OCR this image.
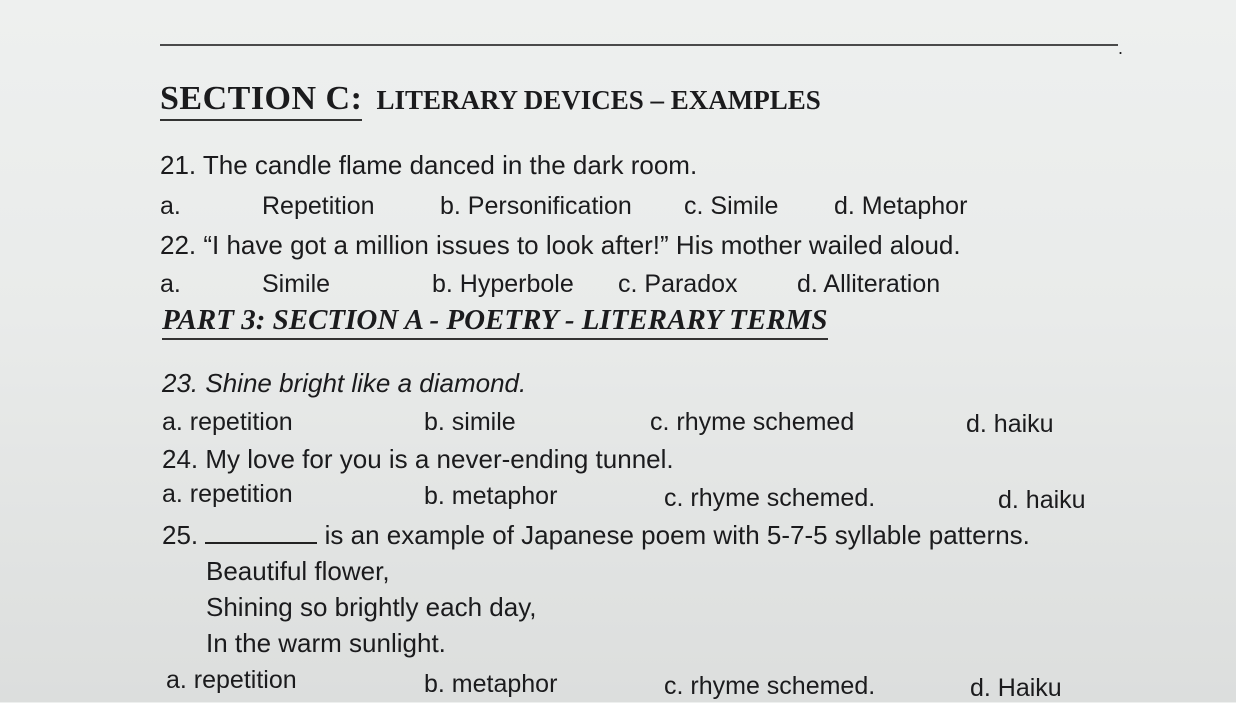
.
SECTION C: LITERARY DEVICES – EXAMPLES
21. The candle flame danced in the dark room.
a.	Repetition	b. Personification c. Simile d. Metaphor
22. “I have got a million issues to look after!” His mother wailed aloud.
a.	Simile	b. Hyperbole c. Paradox d. Alliteration
PART 3: SECTION A - POETRY - LITERARY TERMS
23. Shine bright like a diamond.
a. repetition	b. simile	c. rhyme schemed	d. haiku
24. My love for you is a never-ending tunnel.
a. repetition	b. metaphor	c. rhyme schemed.	d. haiku
25.	is an example of Japanese poem with 5-7-5 syllable patterns.
Beautiful flower,
Shining so brightly each day,
In the warm sunlight.
a. repetition	b. metaphor	c. rhyme schemed.	d. Haiku
